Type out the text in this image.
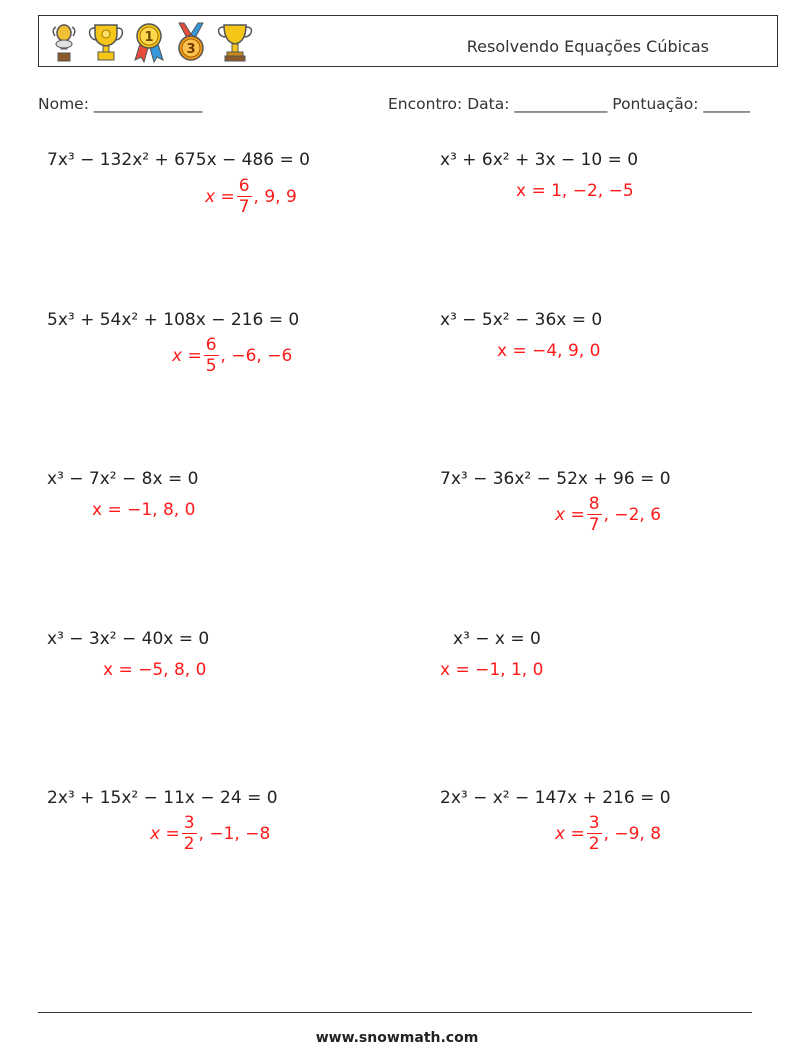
1
3	Resolvendo Equações Cúbicas
Nome: ______________	Encontro: Data: ____________ Pontuação: ______
7x³ − 132x² + 675x − 486 = 0
$x = \frac{6}{7}$ , 9, 9
x³ + 6x² + 3x − 10 = 0
x = 1, −2, −5
5x³ + 54x² + 108x − 216 = 0
$x = \frac{6}{5}$ , −6, −6
x³ − 5x² − 36x = 0
x = −4, 9, 0
x³ − 7x² − 8x = 0
x = −1, 8, 0
7x³ − 36x² − 52x + 96 = 0
$x = \frac{8}{7}$ , −2, 6
x³ − 3x² − 40x = 0
x = −5, 8, 0
x³ − x = 0
x = −1, 1, 0
2x³ + 15x² − 11x − 24 = 0
$x = \frac{3}{2}$ , −1, −8
2x³ − x² − 147x + 216 = 0
$x = \frac{3}{2}$ , −9, 8
www.snowmath.com
